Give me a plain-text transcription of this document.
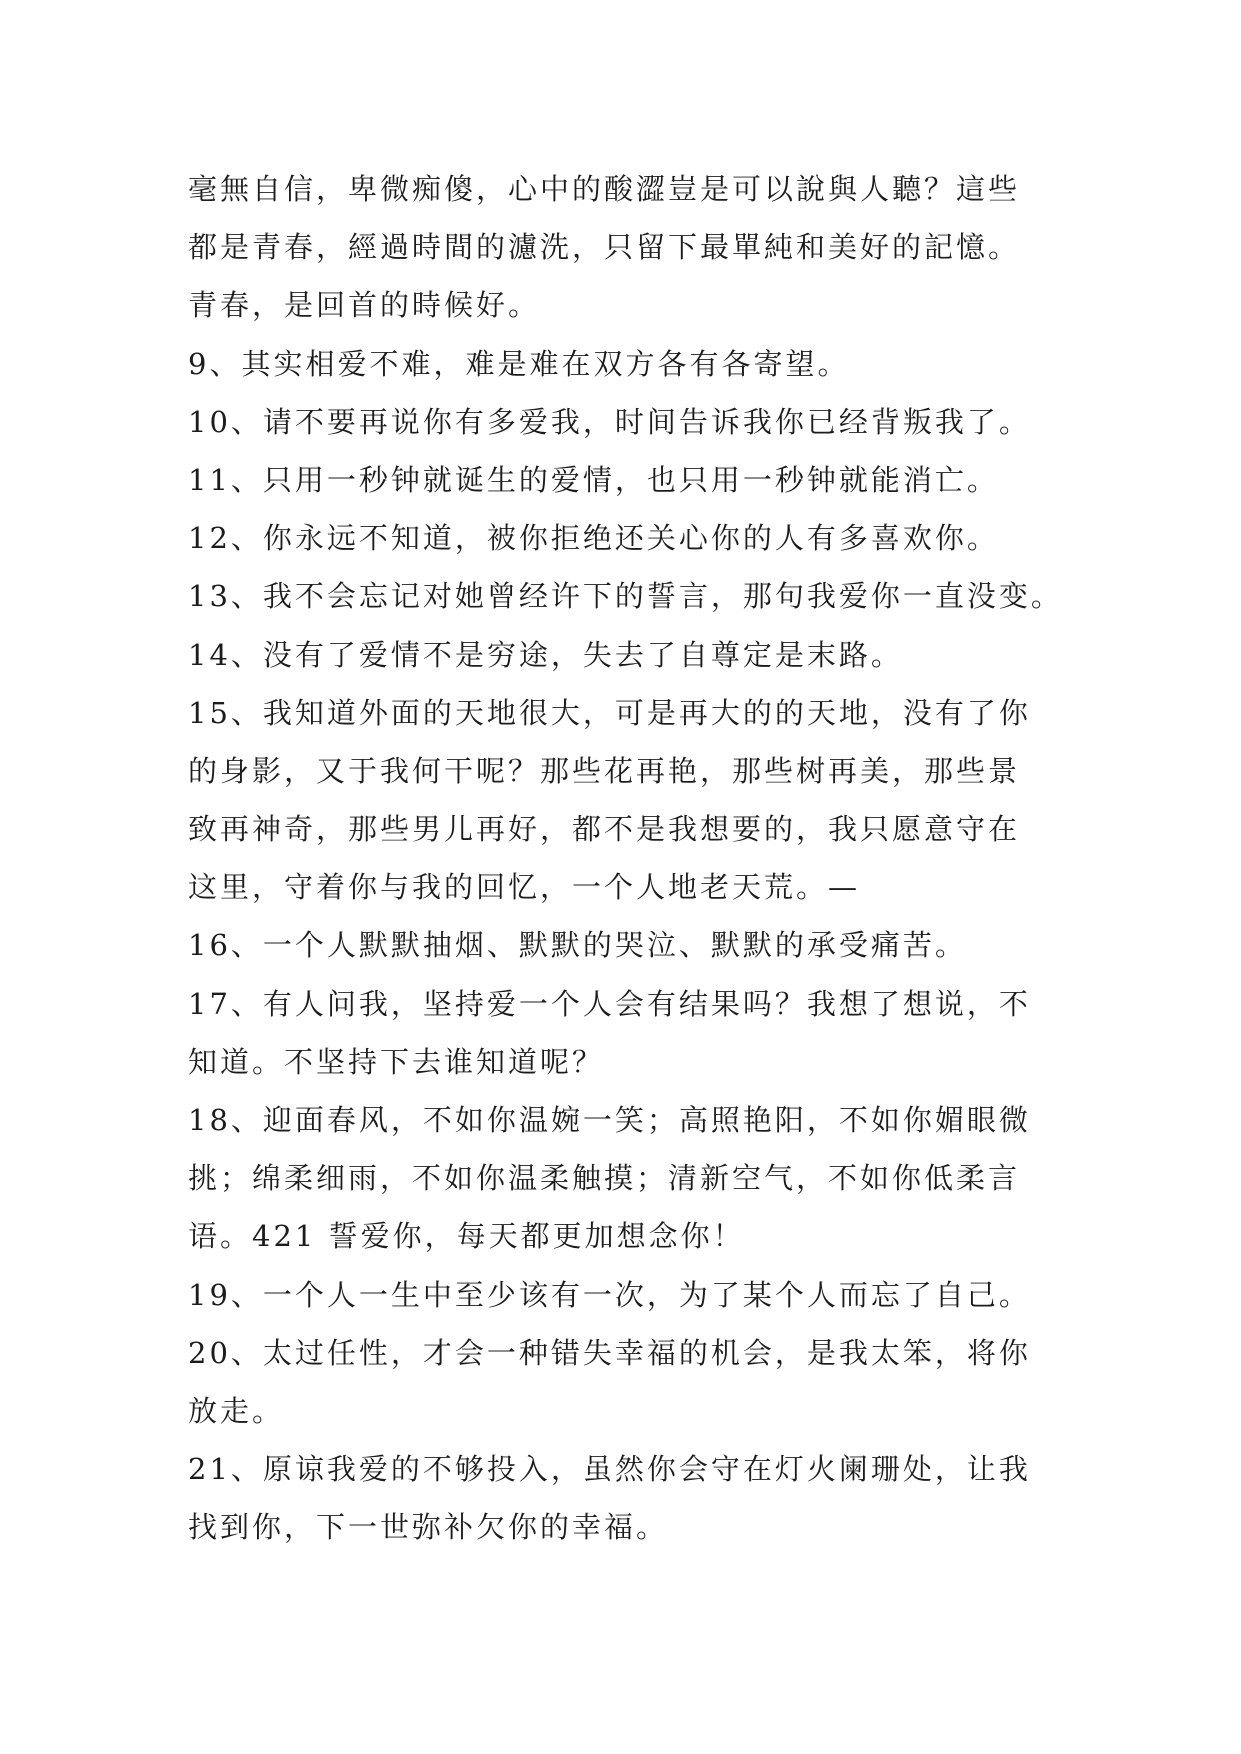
毫無自信，卑微痴傻，心中的酸澀豈是可以說與人聽？這些
都是青春，經過時間的濾洗，只留下最單純和美好的記憶。
青春，是回首的時候好。
9、其实相爱不难，难是难在双方各有各寄望。
10、请不要再说你有多爱我，时间告诉我你已经背叛我了。
11、只用一秒钟就诞生的爱情，也只用一秒钟就能消亡。
12、你永远不知道，被你拒绝还关心你的人有多喜欢你。
13、我不会忘记对她曾经许下的誓言，那句我爱你一直没变。
14、没有了爱情不是穷途，失去了自尊定是末路。
15、我知道外面的天地很大，可是再大的的天地，没有了你
的身影，又于我何干呢？那些花再艳，那些树再美，那些景
致再神奇，那些男儿再好，都不是我想要的，我只愿意守在
这里，守着你与我的回忆，一个人地老天荒。—
16、一个人默默抽烟、默默的哭泣、默默的承受痛苦。
17、有人问我，坚持爱一个人会有结果吗？我想了想说，不
知道。不坚持下去谁知道呢？
18、迎面春风，不如你温婉一笑；高照艳阳，不如你媚眼微
挑；绵柔细雨，不如你温柔触摸；清新空气，不如你低柔言
语。421 誓爱你，每天都更加想念你！
19、一个人一生中至少该有一次，为了某个人而忘了自己。
20、太过任性，才会一种错失幸福的机会，是我太笨，将你
放走。
21、原谅我爱的不够投入，虽然你会守在灯火阑珊处，让我
找到你，下一世弥补欠你的幸福。
